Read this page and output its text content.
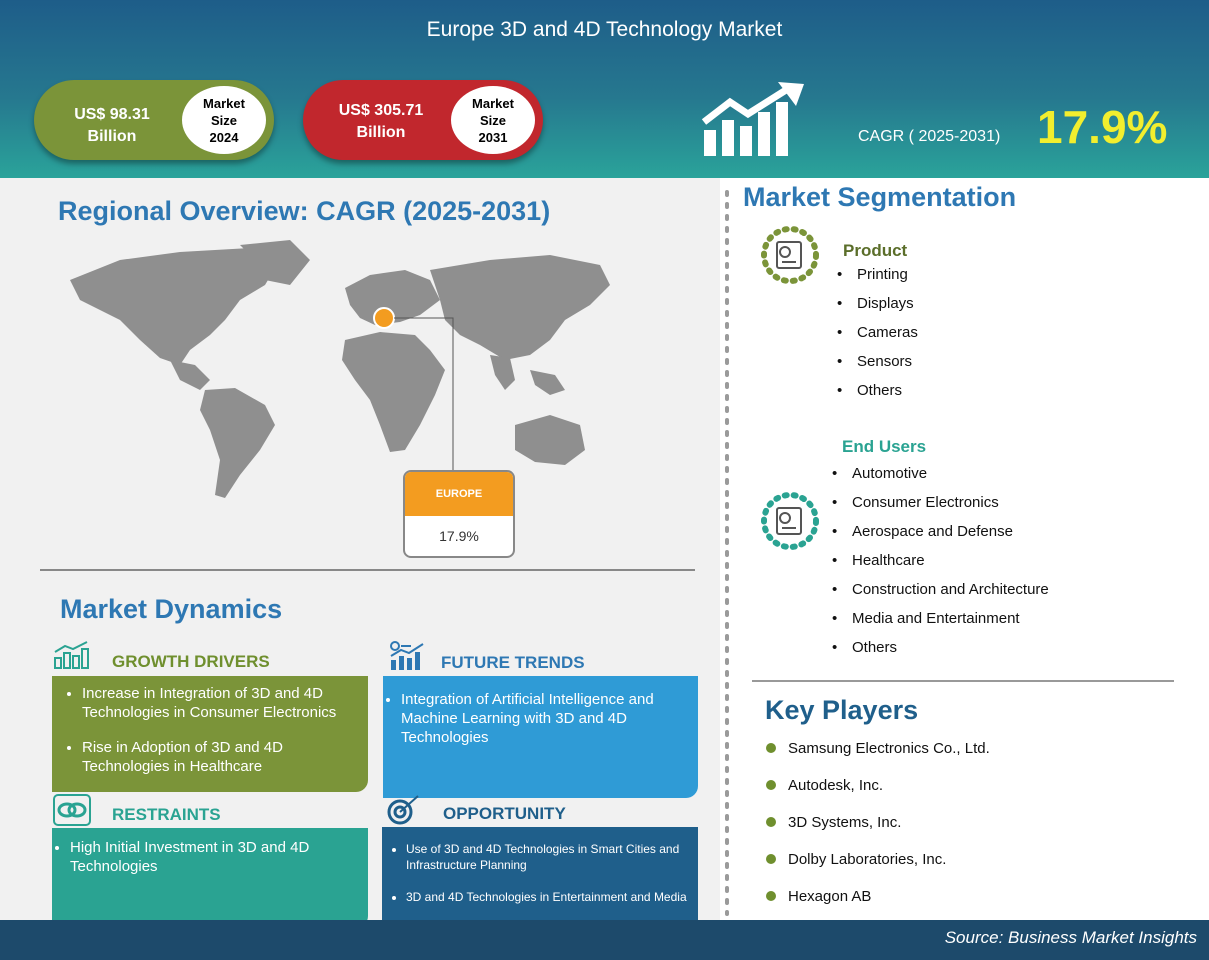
Europe 3D and 4D Technology Market
US$ 98.31
Billion
Market
Size
2024
US$ 305.71
Billion
Market
Size
2031	CAGR ( 2025-2031) 17.9%
Regional Overview: CAGR (2025-2031)
EUROPE
17.9%
Market Dynamics
GROWTH DRIVERS
• Increase in Integration of 3D and 4D Technologies in Consumer Electronics
• Rise in Adoption of 3D and 4D Technologies in Healthcare
FUTURE TRENDS
• Integration of Artificial Intelligence and Machine Learning with 3D and 4D Technologies
RESTRAINTS
• High Initial Investment in 3D and 4D Technologies
OPPORTUNITY
• Use of 3D and 4D Technologies in Smart Cities and Infrastructure Planning
• 3D and 4D Technologies in Entertainment and Media
Market Segmentation
Product
• Printing
• Displays
• Cameras
• Sensors
• Others
End Users
• Automotive
• Consumer Electronics
• Aerospace and Defense
• Healthcare
• Construction and Architecture
• Media and Entertainment
• Others
Key Players
Samsung Electronics Co., Ltd.
Autodesk, Inc.
3D Systems, Inc.
Dolby Laboratories, Inc.
Hexagon AB
Source: Business Market Insights
